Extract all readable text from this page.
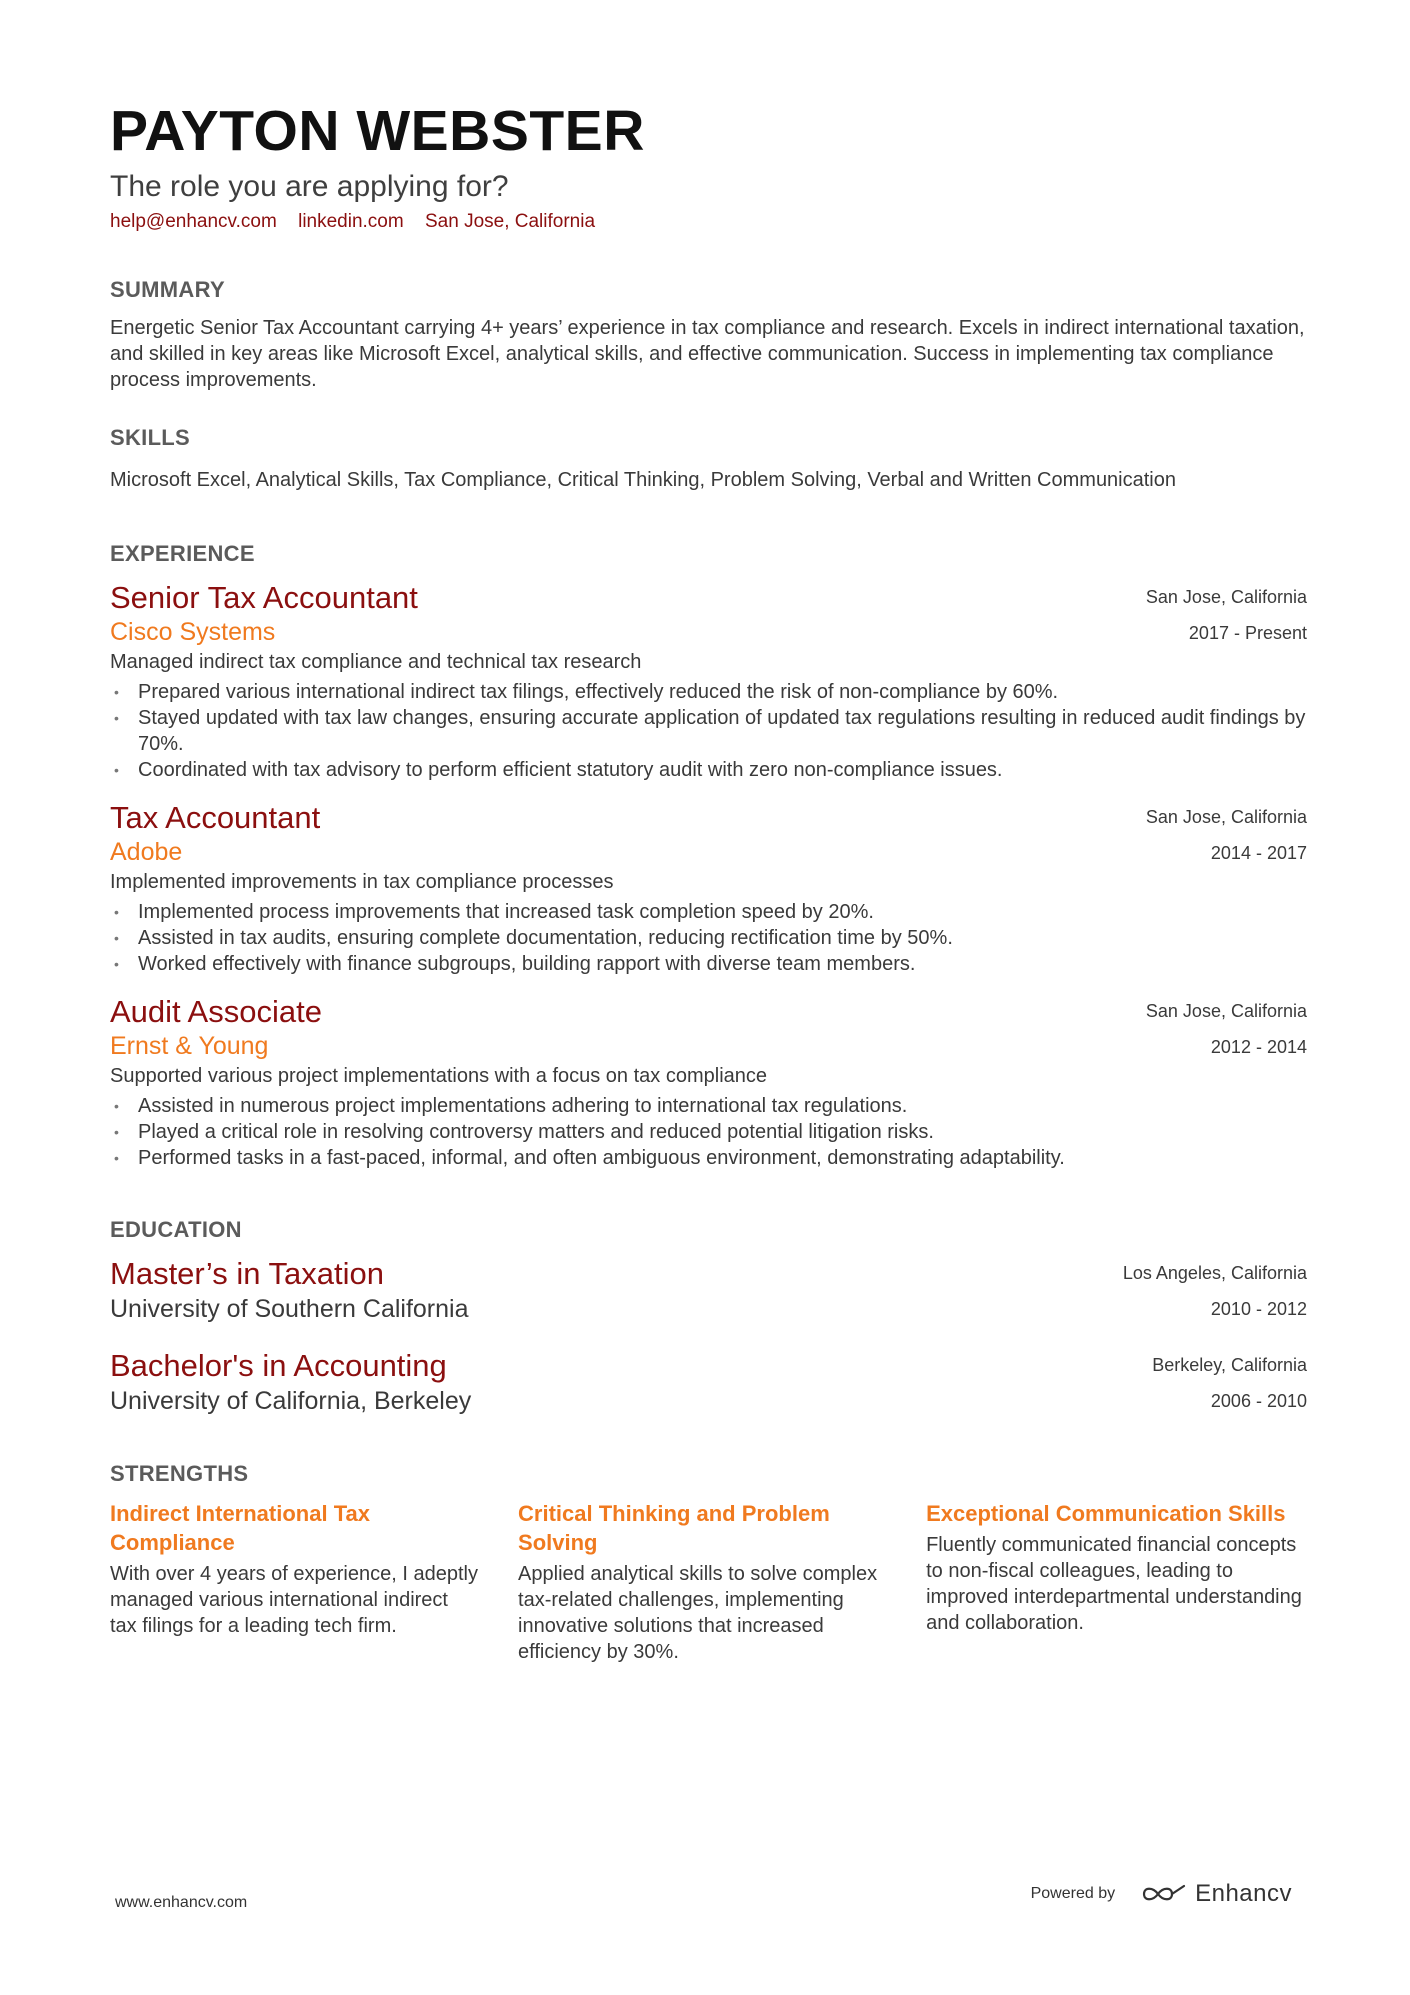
PAYTON WEBSTER
The role you are applying for?
help@enhancv.com linkedin.com San Jose, California
SUMMARY
Energetic Senior Tax Accountant carrying 4+ years’ experience in tax compliance and research. Excels in indirect international taxation, and skilled in key areas like Microsoft Excel, analytical skills, and effective communication. Success in implementing tax compliance process improvements.
SKILLS
Microsoft Excel, Analytical Skills, Tax Compliance, Critical Thinking, Problem Solving, Verbal and Written Communication
EXPERIENCE
Senior Tax Accountant
Cisco Systems
San Jose, California
2017 - Present
Managed indirect tax compliance and technical tax research
• Prepared various international indirect tax filings, effectively reduced the risk of non-compliance by 60%.
• Stayed updated with tax law changes, ensuring accurate application of updated tax regulations resulting in reduced audit findings by 70%.
• Coordinated with tax advisory to perform efficient statutory audit with zero non-compliance issues.
Tax Accountant
Adobe
San Jose, California
2014 - 2017
Implemented improvements in tax compliance processes
• Implemented process improvements that increased task completion speed by 20%.
• Assisted in tax audits, ensuring complete documentation, reducing rectification time by 50%.
• Worked effectively with finance subgroups, building rapport with diverse team members.
Audit Associate
Ernst & Young
San Jose, California
2012 - 2014
Supported various project implementations with a focus on tax compliance
• Assisted in numerous project implementations adhering to international tax regulations.
• Played a critical role in resolving controversy matters and reduced potential litigation risks.
• Performed tasks in a fast-paced, informal, and often ambiguous environment, demonstrating adaptability.
EDUCATION
Master’s in Taxation
University of Southern California
Los Angeles, California
2010 - 2012
Bachelor's in Accounting
University of California, Berkeley
Berkeley, California
2006 - 2010
STRENGTHS
Indirect International Tax Compliance
With over 4 years of experience, I adeptly managed various international indirect tax filings for a leading tech firm.
Critical Thinking and Problem Solving
Applied analytical skills to solve complex tax-related challenges, implementing innovative solutions that increased efficiency by 30%.
Exceptional Communication Skills
Fluently communicated financial concepts to non-fiscal colleagues, leading to improved interdepartmental understanding and collaboration.
www.enhancv.com
Powered by	Enhancv
